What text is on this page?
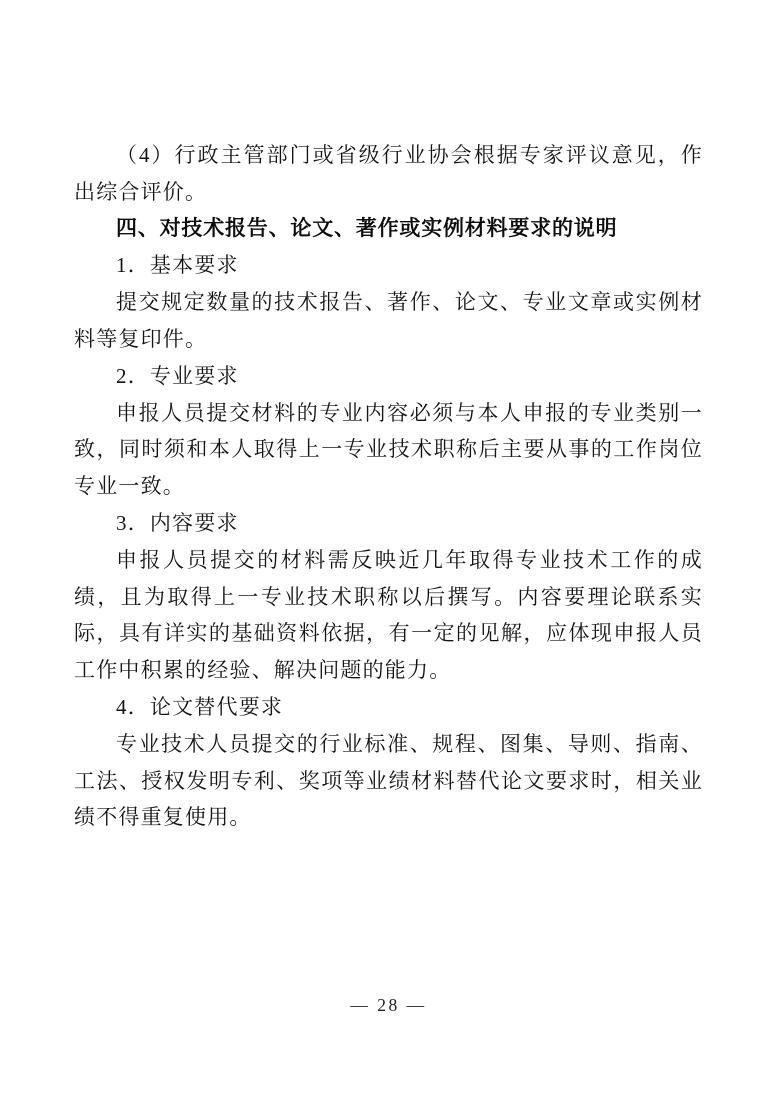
（4）行政主管部门或省级行业协会根据专家评议意见，作出综合评价。

四、对技术报告、论文、著作或实例材料要求的说明

1．基本要求

提交规定数量的技术报告、著作、论文、专业文章或实例材料等复印件。

2．专业要求

申报人员提交材料的专业内容必须与本人申报的专业类别一致，同时须和本人取得上一专业技术职称后主要从事的工作岗位专业一致。

3．内容要求

申报人员提交的材料需反映近几年取得专业技术工作的成绩，且为取得上一专业技术职称以后撰写。内容要理论联系实际，具有详实的基础资料依据，有一定的见解，应体现申报人员工作中积累的经验、解决问题的能力。

4．论文替代要求

专业技术人员提交的行业标准、规程、图集、导则、指南、工法、授权发明专利、奖项等业绩材料替代论文要求时，相关业绩不得重复使用。

— 28 —
